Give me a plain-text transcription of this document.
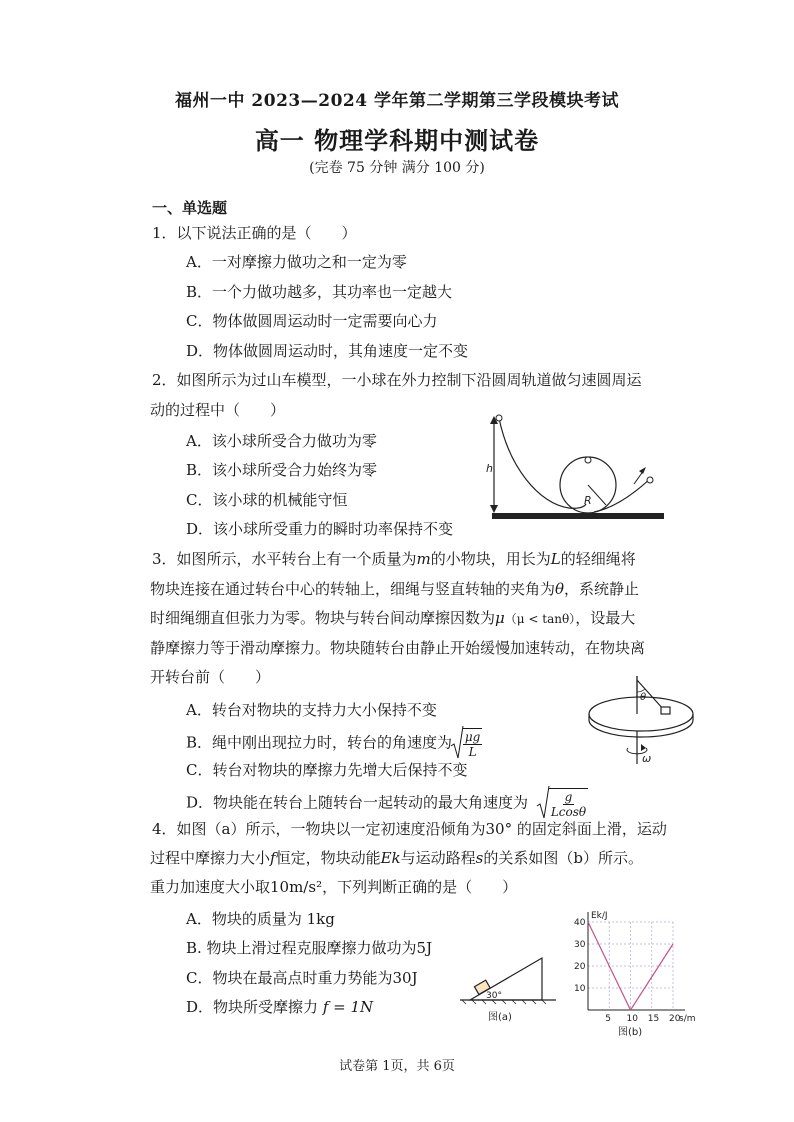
福州一中 2023—2024 学年第二学期第三学段模块考试
高一 物理学科期中测试卷
(完卷 75 分钟 满分 100 分)
一、单选题
1．以下说法正确的是（　　）
A．一对摩擦力做功之和一定为零
B．一个力做功越多，其功率也一定越大
C．物体做圆周运动时一定需要向心力
D．物体做圆周运动时，其角速度一定不变
2．如图所示为过山车模型，一小球在外力控制下沿圆周轨道做匀速圆周运
动的过程中（　　）
A．该小球所受合力做功为零
B．该小球所受合力始终为零
C．该小球的机械能守恒
D．该小球所受重力的瞬时功率保持不变
h
R
3．如图所示，水平转台上有一个质量为m的小物块，用长为L的轻细绳将
物块连接在通过转台中心的转轴上，细绳与竖直转轴的夹角为θ，系统静止
时细绳绷直但张力为零。物块与转台间动摩擦因数为μ（μ < tanθ），设最大
静摩擦力等于滑动摩擦力。物块随转台由静止开始缓慢加速转动，在物块离
开转台前（　　）
A．转台对物块的支持力大小保持不变
B．绳中刚出现拉力时，转台的角速度为 $\frac{\mu g}{L}$
C．转台对物块的摩擦力先增大后保持不变
D．物块能在转台上随转台一起转动的最大角速度为 $\frac{g}{Lcos\theta}$
θ
ω
4．如图（a）所示，一物块以一定初速度沿倾角为30° 的固定斜面上滑，运动
过程中摩擦力大小f恒定，物块动能Ek与运动路程s的关系如图（b）所示。
重力加速度大小取10m/s²，下列判断正确的是（　　）
A．物块的质量为 1kg
B. 物块上滑过程克服摩擦力做功为5J
C．物块在最高点时重力势能为30J
D．物块所受摩擦力 f = 1N
30°
图(a)	5 10 15 20
10
20
30
40
s/m
Ek/J
图(b)
试卷第 1页，共 6页
